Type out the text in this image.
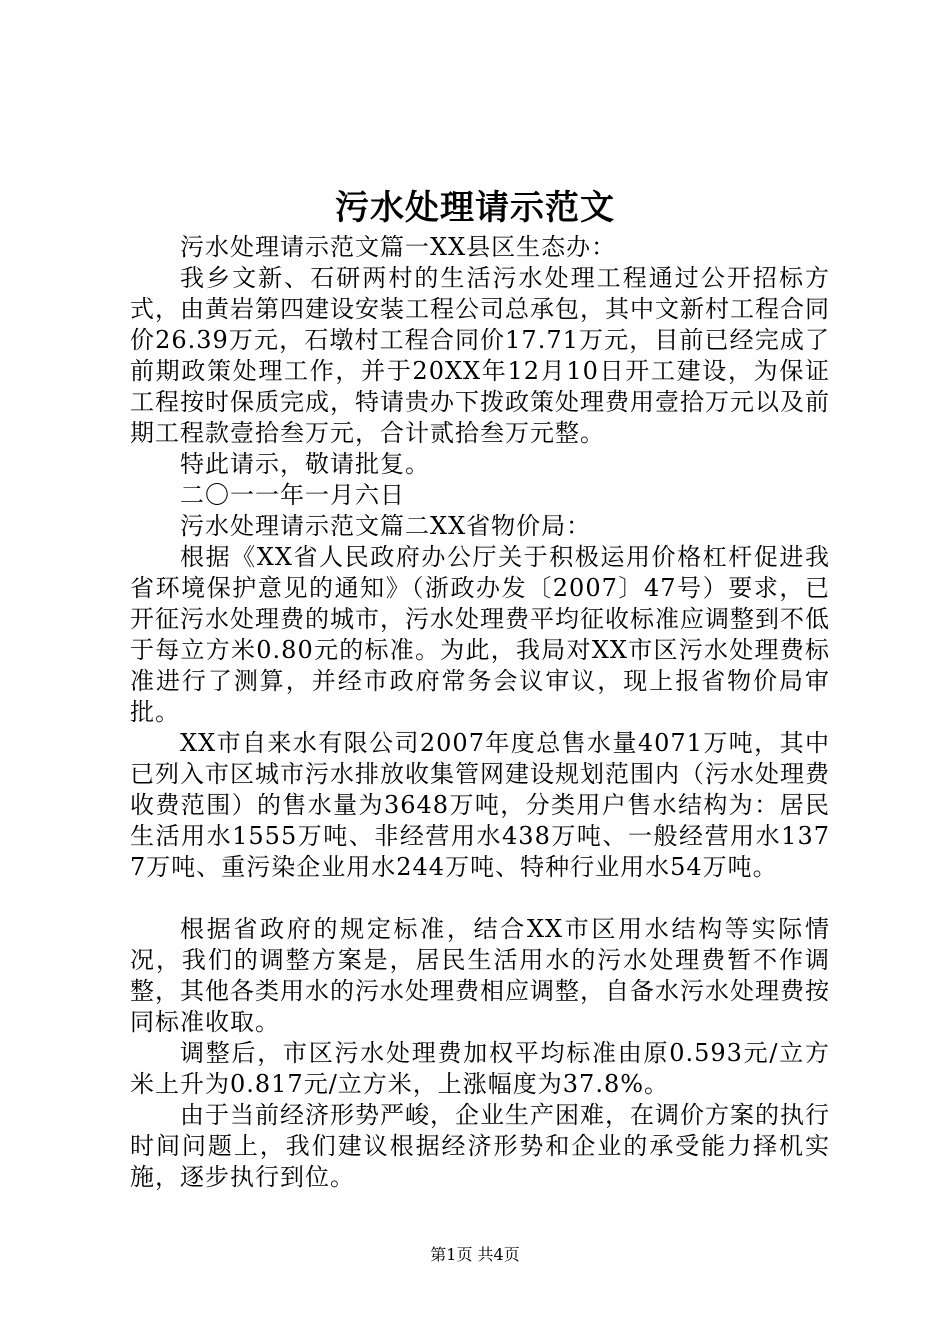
污水处理请示范文

污水处理请示范文篇一XX县区生态办：

我乡文新、石研两村的生活污水处理工程通过公开招标方式，由黄岩第四建设安装工程公司总承包，其中文新村工程合同价26.39万元，石墩村工程合同价17.71万元，目前已经完成了前期政策处理工作，并于20XX年12月10日开工建设，为保证工程按时保质完成，特请贵办下拨政策处理费用壹拾万元以及前期工程款壹拾叁万元，合计贰拾叁万元整。

特此请示，敬请批复。

二〇一一年一月六日

污水处理请示范文篇二XX省物价局：

根据《XX省人民政府办公厅关于积极运用价格杠杆促进我省环境保护意见的通知》（浙政办发〔2007〕47号）要求，已开征污水处理费的城市，污水处理费平均征收标准应调整到不低于每立方米0.80元的标准。为此，我局对XX市区污水处理费标准进行了测算，并经市政府常务会议审议，现上报省物价局审批。

XX市自来水有限公司2007年度总售水量4071万吨，其中已列入市区城市污水排放收集管网建设规划范围内（污水处理费收费范围）的售水量为3648万吨，分类用户售水结构为：居民生活用水1555万吨、非经营用水438万吨、一般经营用水1377万吨、重污染企业用水244万吨、特种行业用水54万吨。

根据省政府的规定标准，结合XX市区用水结构等实际情况，我们的调整方案是，居民生活用水的污水处理费暂不作调整，其他各类用水的污水处理费相应调整，自备水污水处理费按同标准收取。

调整后，市区污水处理费加权平均标准由原0.593元/立方米上升为0.817元/立方米，上涨幅度为37.8%。

由于当前经济形势严峻，企业生产困难，在调价方案的执行时间问题上，我们建议根据经济形势和企业的承受能力择机实施，逐步执行到位。

第1页 共4页
